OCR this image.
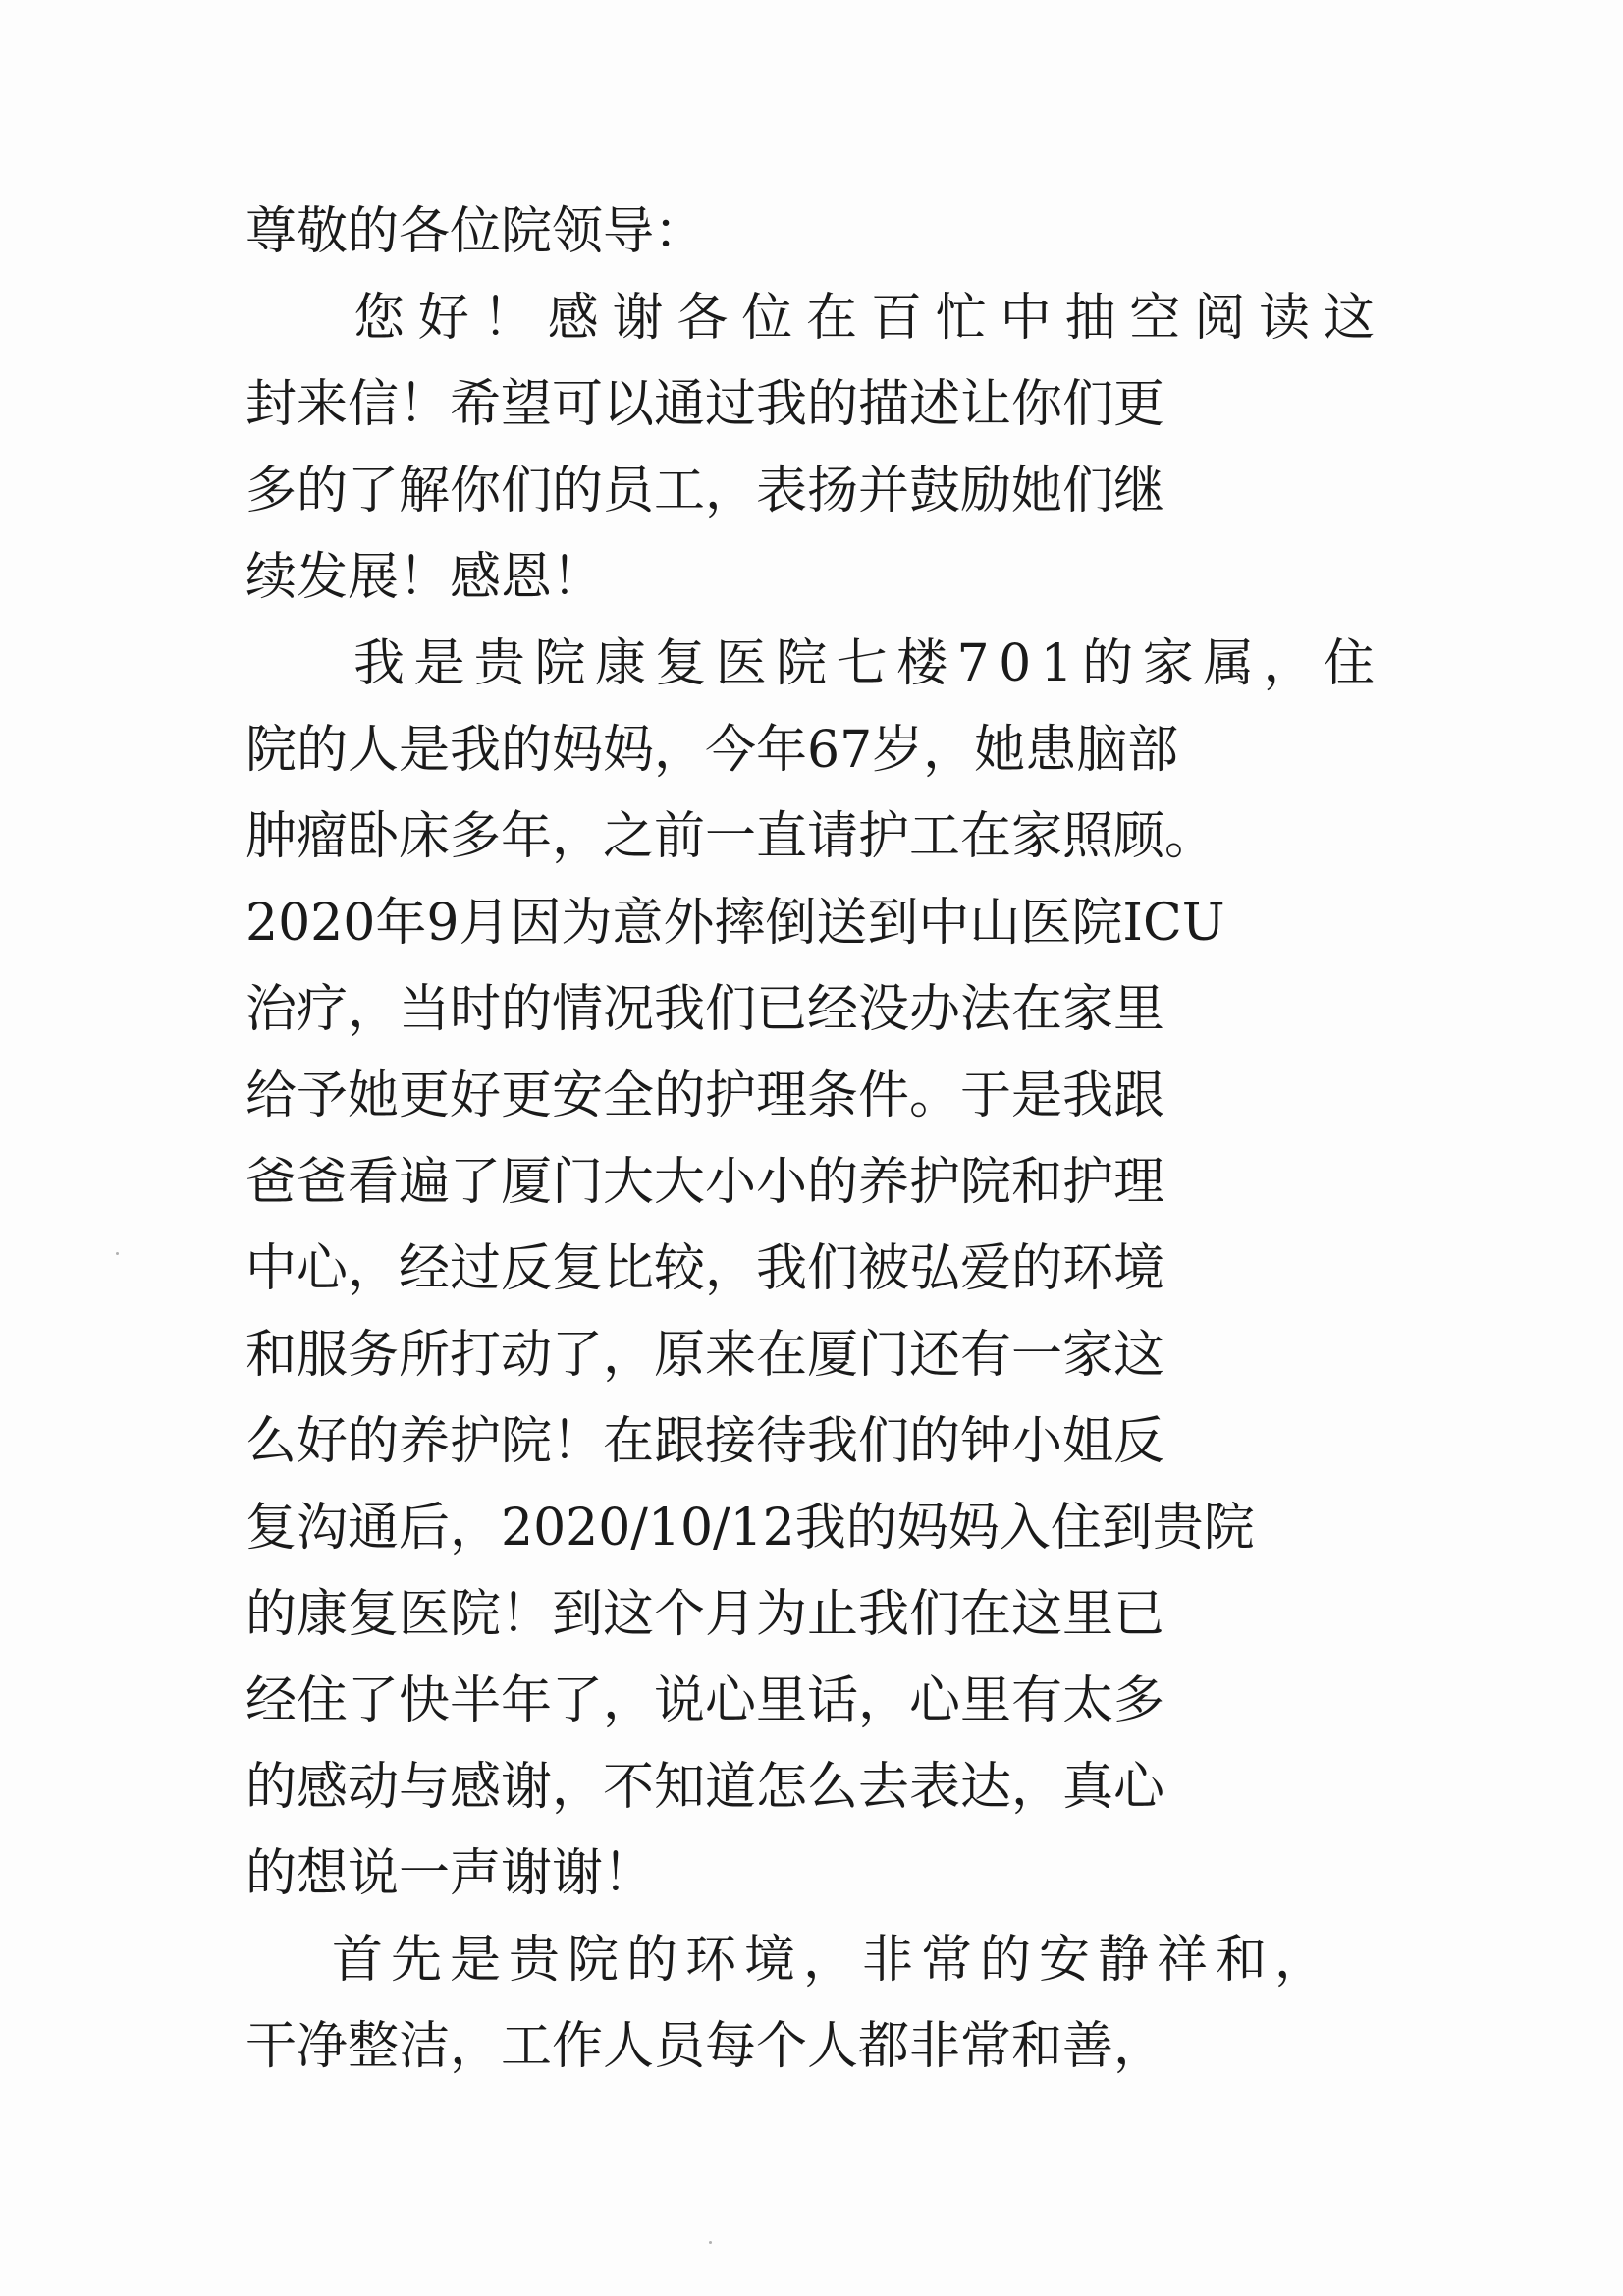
尊敬的各位院领导：
您好！感谢各位在百忙中抽空阅读这
封来信！希望可以通过我的描述让你们更
多的了解你们的员工，表扬并鼓励她们继
续发展！感恩！
我是贵院康复医院七楼701的家属，住
院的人是我的妈妈，今年67岁，她患脑部
肿瘤卧床多年，之前一直请护工在家照顾。
2020年9月因为意外摔倒送到中山医院ICU
治疗，当时的情况我们已经没办法在家里
给予她更好更安全的护理条件。于是我跟
爸爸看遍了厦门大大小小的养护院和护理
中心，经过反复比较，我们被弘爱的环境
和服务所打动了，原来在厦门还有一家这
么好的养护院！在跟接待我们的钟小姐反
复沟通后，2020/10/12我的妈妈入住到贵院
的康复医院！到这个月为止我们在这里已
经住了快半年了，说心里话，心里有太多
的感动与感谢，不知道怎么去表达，真心
的想说一声谢谢！
首先是贵院的环境，非常的安静祥和，
干净整洁，工作人员每个人都非常和善，
